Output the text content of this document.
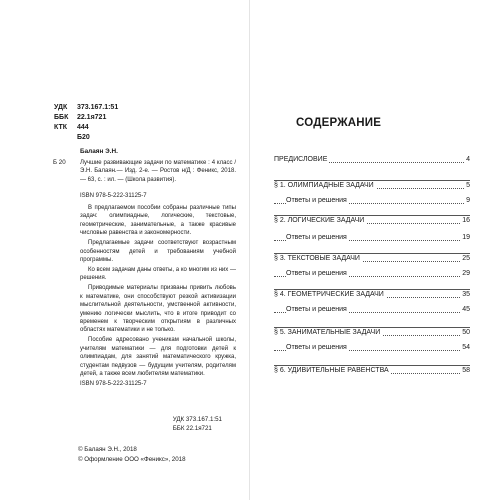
УДК 373.167.1:51
ББК 22.1я721
КТК 444
Б20
Балаян Э.Н.
Б 20 Лучшие развивающие задачи по математике : 4 класс / Э.Н. Балаян.— Изд. 2-е. — Ростов н/Д : Феникс, 2018. — 63, с. : ил. — (Школа развития).
ISBN 978-5-222-31125-7

В предлагаемом пособии собраны различные типы задач: олимпиадные, логические, текстовые, геометрические, занимательные, а также красивые числовые равенства и закономерности.

Предлагаемые задачи соответствуют возрастным особенностям детей и требованиям учебной программы.

Ко всем задачам даны ответы, а ко многим из них — решения.

Приводимые материалы призваны привить любовь к математике, они способствуют резкой активизации мыслительной деятельности, умственной активности, умению логически мыслить, что в итоге приводит со временем к творческим открытиям в различных областях математики и не только.

Пособие адресовано ученикам начальной школы, учителям математики — для подготовки детей к олимпиадам, для занятий математического кружка, студентам педвузов — будущим учителям, родителям детей, а также всем любителям математики.

ISBN 978-5-222-31125-7
УДК 373.167.1:51
ББК 22.1я721
© Балаян Э.Н., 2018
© Оформление ООО «Феникс», 2018
СОДЕРЖАНИЕ
ПРЕДИСЛОВИЕ	4
§ 1. ОЛИМПИАДНЫЕ ЗАДАЧИ	5
Ответы и решения	9
§ 2. ЛОГИЧЕСКИЕ ЗАДАЧИ	16
Ответы и решения	19
§ 3. ТЕКСТОВЫЕ ЗАДАЧИ	25
Ответы и решения	29
§ 4. ГЕОМЕТРИЧЕСКИЕ ЗАДАЧИ	35
Ответы и решения	45
§ 5. ЗАНИМАТЕЛЬНЫЕ ЗАДАЧИ	50
Ответы и решения	54
§ 6. УДИВИТЕЛЬНЫЕ РАВЕНСТВА	58
